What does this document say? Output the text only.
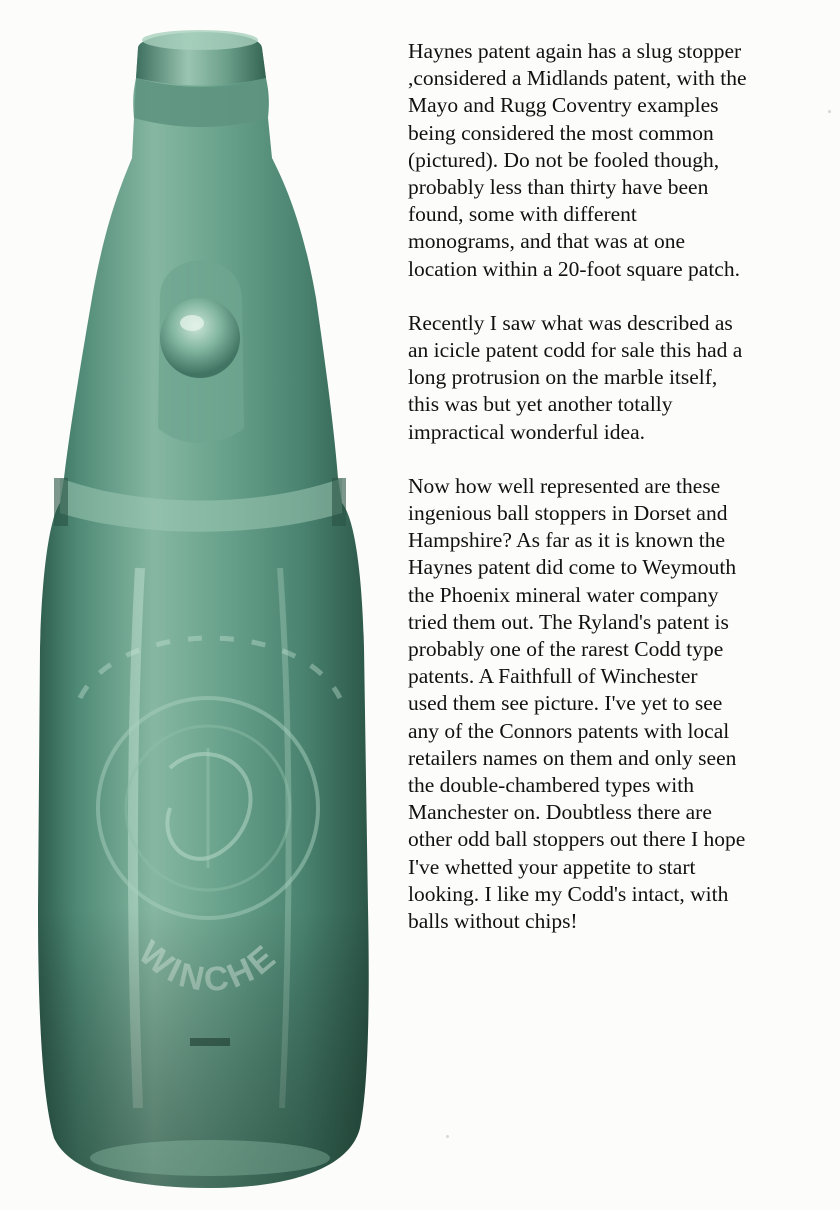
Haynes patent again has a slug stopper
,considered a Midlands patent, with the
Mayo and Rugg Coventry examples
being considered the most common
(pictured). Do not be fooled though,
probably less than thirty have been
found, some with different
monograms, and that was at one
location within a 20-foot square patch.

Recently I saw what was described as
an icicle patent codd for sale this had a
long protrusion on the marble itself,
this was but yet another totally
impractical wonderful idea.

Now how well represented are these
ingenious ball stoppers in Dorset and
Hampshire? As far as it is known the
Haynes patent did come to Weymouth
the Phoenix mineral water company
tried them out. The Ryland's patent is
probably one of the rarest Codd type
patents. A Faithfull of Winchester
used them see picture. I've yet to see
any of the Connors patents with local
retailers names on them and only seen
the double-chambered types with
Manchester on. Doubtless there are
other odd ball stoppers out there I hope
I've whetted your appetite to start
looking. I like my Codd's intact, with
balls without chips!
